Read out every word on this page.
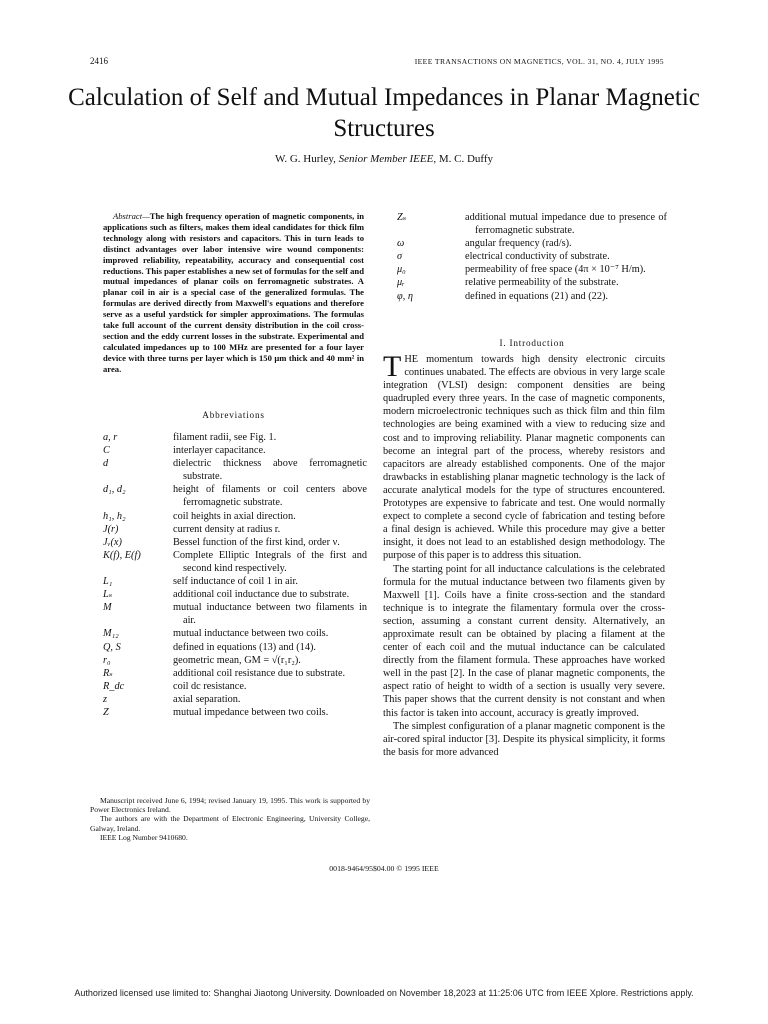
2416	IEEE TRANSACTIONS ON MAGNETICS, VOL. 31, NO. 4, JULY 1995
Calculation of Self and Mutual Impedances in Planar Magnetic Structures
W. G. Hurley, Senior Member IEEE, M. C. Duffy
Abstract—The high frequency operation of magnetic components, in applications such as filters, makes them ideal candidates for thick film technology along with resistors and capacitors. This in turn leads to distinct advantages over labor intensive wire wound components: improved reliability, repeatability, accuracy and consequential cost reductions. This paper establishes a new set of formulas for the self and mutual impedances of planar coils on ferromagnetic substrates. A planar coil in air is a special case of the generalized formulas. The formulas are derived directly from Maxwell's equations and therefore serve as a useful yardstick for simpler approximations. The formulas take full account of the current density distribution in the coil cross-section and the eddy current losses in the substrate. Experimental and calculated impedances up to 100 MHz are presented for a four layer device with three turns per layer which is 150 μm thick and 40 mm² in area.
Abbreviations
a, r	filament radii, see Fig. 1.
C	interlayer capacitance.
d	dielectric thickness above ferromagnetic substrate.
d₁, d₂	height of filaments or coil centers above ferromagnetic substrate.
h₁, h₂	coil heights in axial direction.
J(r)	current density at radius r.
Jᵥ(x)	Bessel function of the first kind, order ν.
K(f), E(f)	Complete Elliptic Integrals of the first and second kind respectively.
L₁	self inductance of coil 1 in air.
Lₛ	additional coil inductance due to substrate.
M	mutual inductance between two filaments in air.
M₁₂	mutual inductance between two coils.
Q, S	defined in equations (13) and (14).
r₀	geometric mean, GM = √(r₁r₂).
Rₛ	additional coil resistance due to substrate.
R_dc	coil dc resistance.
z	axial separation.
Z	mutual impedance between two coils.

Manuscript received June 6, 1994; revised January 19, 1995. This work is supported by Power Electronics Ireland.

The authors are with the Department of Electronic Engineering, University College, Galway, Ireland.

IEEE Log Number 9410680.

Zₛ	additional mutual impedance due to presence of ferromagnetic substrate.
ω	angular frequency (rad/s).
σ	electrical conductivity of substrate.
μ₀	permeability of free space (4π × 10⁻⁷ H/m).
μᵣ	relative permeability of the substrate.
φ, η	defined in equations (21) and (22).
I. Introduction

THE momentum towards high density electronic circuits continues unabated. The effects are obvious in very large scale integration (VLSI) design: component densities are being quadrupled every three years. In the case of magnetic components, modern microelectronic techniques such as thick film and thin film technologies are being examined with a view to reducing size and cost and to improving reliability. Planar magnetic components can become an integral part of the process, whereby resistors and capacitors are already established components. One of the major drawbacks in establishing planar magnetic technology is the lack of accurate analytical models for the type of structures encountered. Prototypes are expensive to fabricate and test. One would normally expect to complete a second cycle of fabrication and testing before a final design is achieved. While this procedure may give a better insight, it does not lead to an established design methodology. The purpose of this paper is to address this situation.

The starting point for all inductance calculations is the celebrated formula for the mutual inductance between two filaments given by Maxwell [1]. Coils have a finite cross-section and the standard technique is to integrate the filamentary formula over the cross-section, assuming a constant current density. Alternatively, an approximate result can be obtained by placing a filament at the center of each coil and the mutual inductance can be calculated directly from the filament formula. These approaches have worked well in the past [2]. In the case of planar magnetic components, the aspect ratio of height to width of a section is usually very severe. This paper shows that the current density is not constant and when this factor is taken into account, accuracy is greatly improved.

The simplest configuration of a planar magnetic component is the air-cored spiral inductor [3]. Despite its physical simplicity, it forms the basis for more advanced

0018-9464/95$04.00 © 1995 IEEE
Authorized licensed use limited to: Shanghai Jiaotong University. Downloaded on November 18,2023 at 11:25:06 UTC from IEEE Xplore. Restrictions apply.
